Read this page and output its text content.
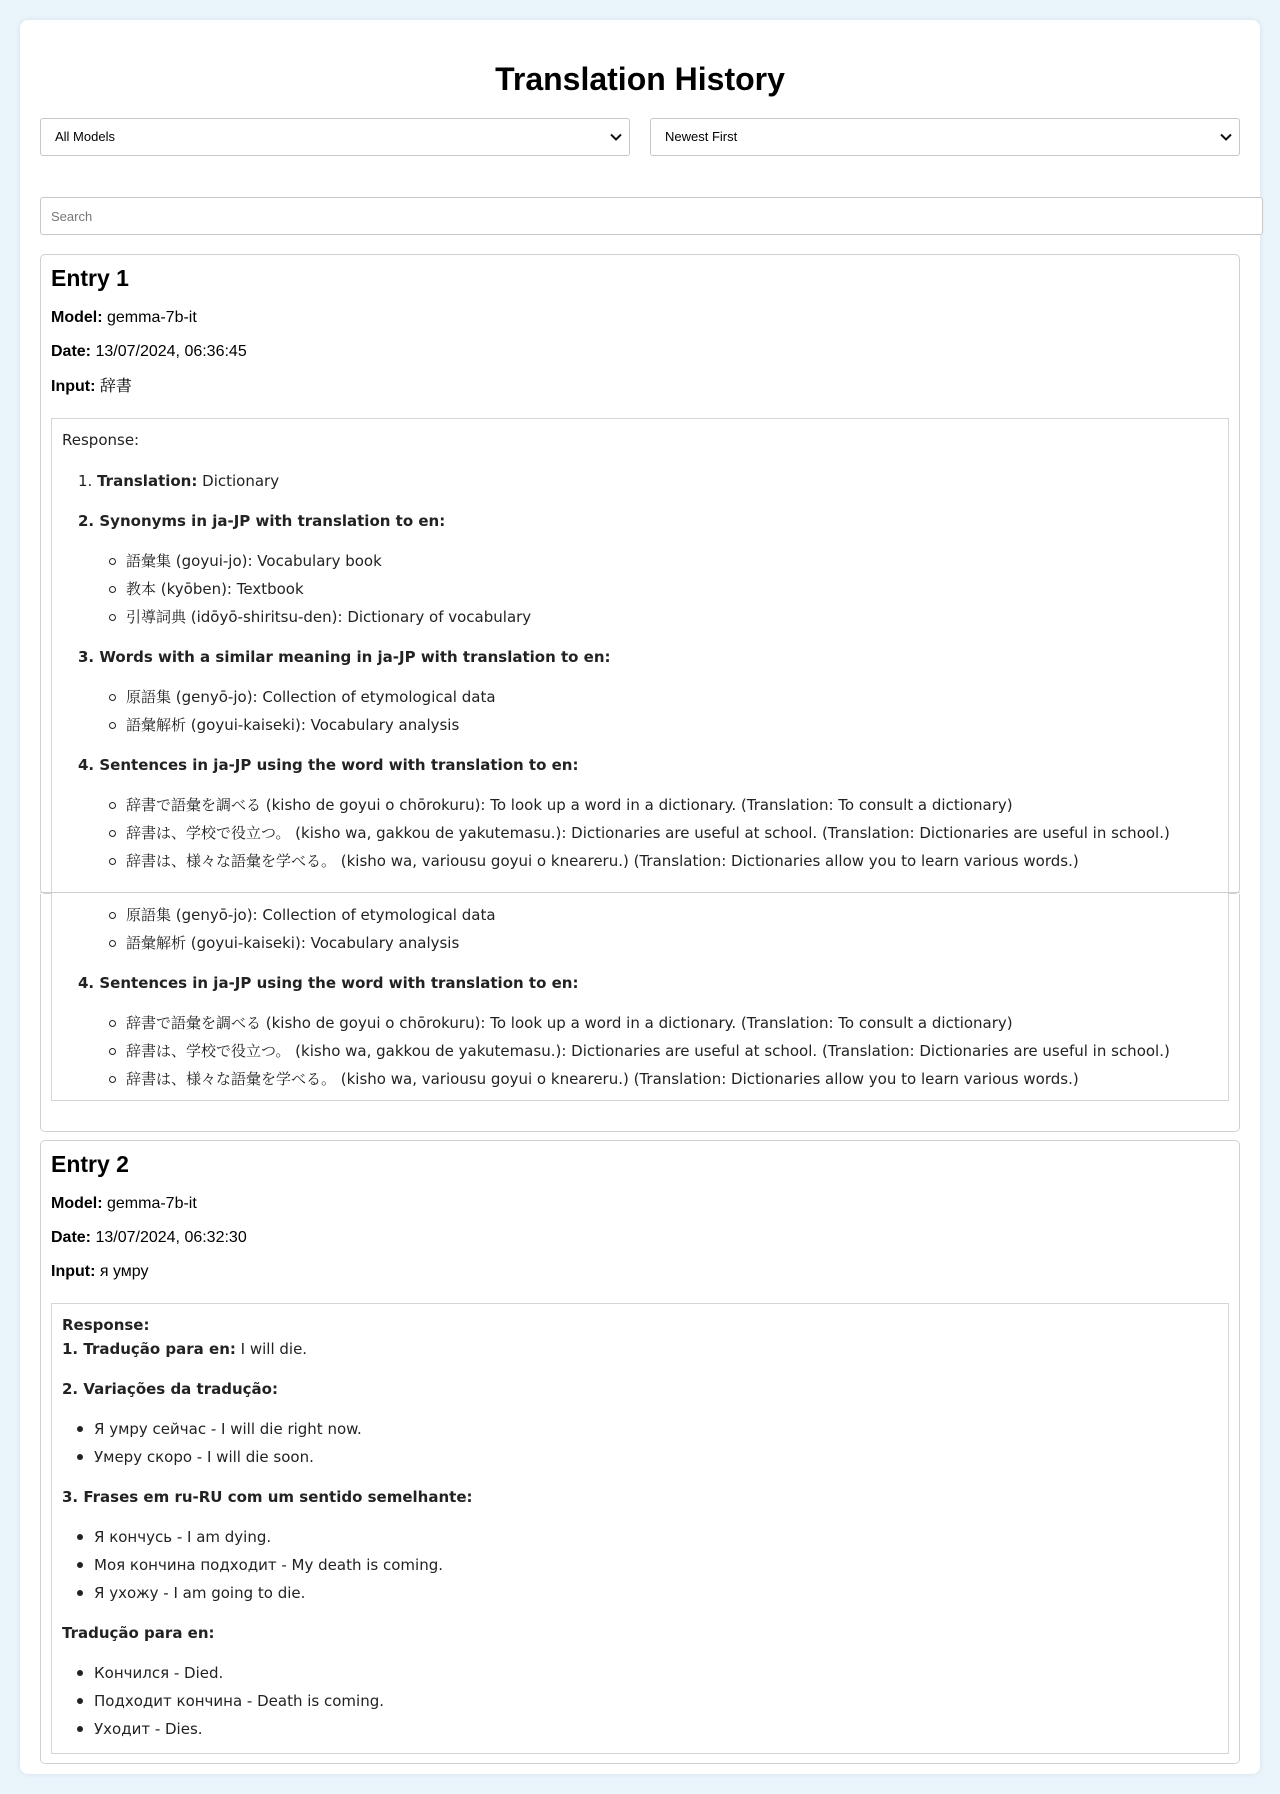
Translation History
All Models	Newest First
Search
Entry 1

Model: gemma-7b-it

Date: 13/07/2024, 06:36:45

Input: 辞書

Response:
1. Translation: Dictionary
2. Synonyms in ja-JP with translation to en:
語彙集 (goyui-jo): Vocabulary book
教本 (kyōben): Textbook
引導詞典 (idōyō-shiritsu-den): Dictionary of vocabulary
3. Words with a similar meaning in ja-JP with translation to en:
原語集 (genyō-jo): Collection of etymological data
語彙解析 (goyui-kaiseki): Vocabulary analysis
4. Sentences in ja-JP using the word with translation to en:
辞書で語彙を調べる (kisho de goyui o chōrokuru): To look up a word in a dictionary. (Translation: To consult a dictionary)
辞書は、学校で役立つ。 (kisho wa, gakkou de yakutemasu.): Dictionaries are useful at school. (Translation: Dictionaries are useful in school.)
辞書は、様々な語彙を学べる。 (kisho wa, variousu goyui o kneareru.) (Translation: Dictionaries allow you to learn various words.)
原語集 (genyō-jo): Collection of etymological data
語彙解析 (goyui-kaiseki): Vocabulary analysis
4. Sentences in ja-JP using the word with translation to en:
辞書で語彙を調べる (kisho de goyui o chōrokuru): To look up a word in a dictionary. (Translation: To consult a dictionary)
辞書は、学校で役立つ。 (kisho wa, gakkou de yakutemasu.): Dictionaries are useful at school. (Translation: Dictionaries are useful in school.)
辞書は、様々な語彙を学べる。 (kisho wa, variousu goyui o kneareru.) (Translation: Dictionaries allow you to learn various words.)
Entry 2

Model: gemma-7b-it

Date: 13/07/2024, 06:32:30

Input: я умру

Response:
1. Tradução para en: I will die.
2. Variações da tradução:
Я умру сейчас - I will die right now.
Умеру скоро - I will die soon.
3. Frases em ru-RU com um sentido semelhante:
Я кончусь - I am dying.
Моя кончина подходит - My death is coming.
Я ухожу - I am going to die.
Tradução para en:
Кончился - Died.
Подходит кончина - Death is coming.
Уходит - Dies.
